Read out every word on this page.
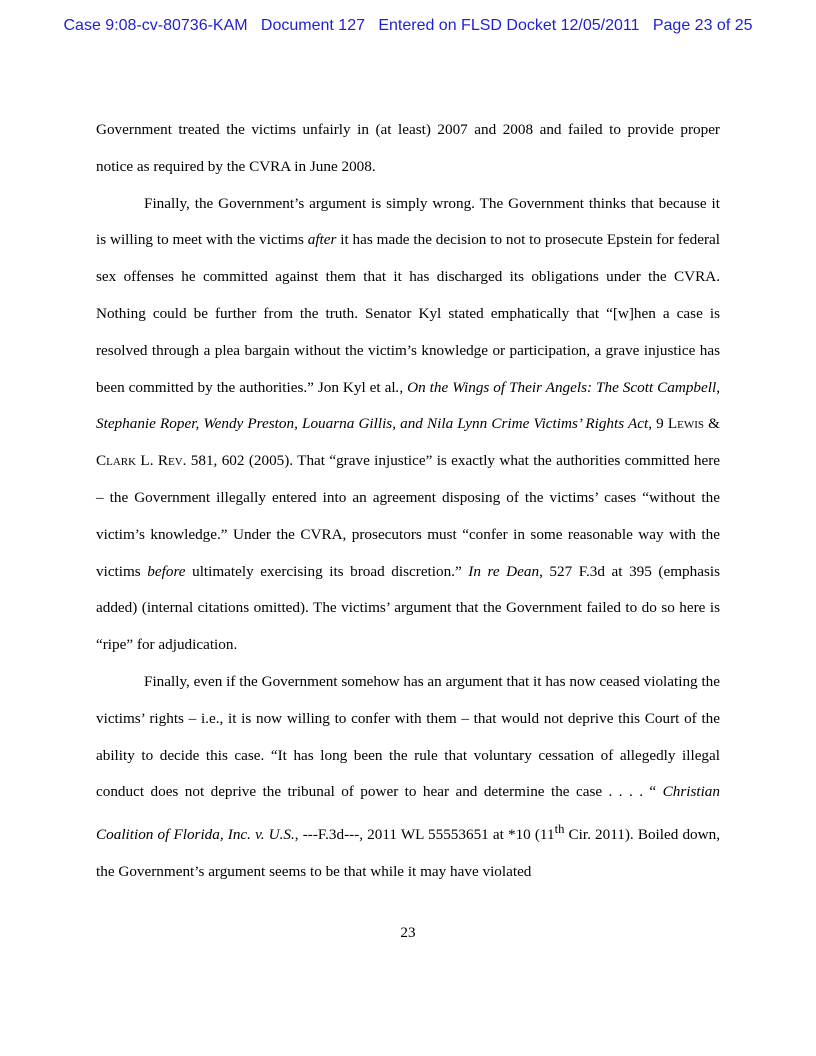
Case 9:08-cv-80736-KAM   Document 127   Entered on FLSD Docket 12/05/2011   Page 23 of 25

Government treated the victims unfairly in (at least) 2007 and 2008 and failed to provide proper notice as required by the CVRA in June 2008.

Finally, the Government’s argument is simply wrong. The Government thinks that because it is willing to meet with the victims after it has made the decision to not to prosecute Epstein for federal sex offenses he committed against them that it has discharged its obligations under the CVRA. Nothing could be further from the truth. Senator Kyl stated emphatically that “[w]hen a case is resolved through a plea bargain without the victim’s knowledge or participation, a grave injustice has been committed by the authorities.” Jon Kyl et al., On the Wings of Their Angels: The Scott Campbell, Stephanie Roper, Wendy Preston, Louarna Gillis, and Nila Lynn Crime Victims’ Rights Act, 9 Lewis & Clark L. Rev. 581, 602 (2005). That “grave injustice” is exactly what the authorities committed here – the Government illegally entered into an agreement disposing of the victims’ cases “without the victim’s knowledge.” Under the CVRA, prosecutors must “confer in some reasonable way with the victims before ultimately exercising its broad discretion.” In re Dean, 527 F.3d at 395 (emphasis added) (internal citations omitted). The victims’ argument that the Government failed to do so here is “ripe” for adjudication.

Finally, even if the Government somehow has an argument that it has now ceased violating the victims’ rights – i.e., it is now willing to confer with them – that would not deprive this Court of the ability to decide this case. “It has long been the rule that voluntary cessation of allegedly illegal conduct does not deprive the tribunal of power to hear and determine the case . . . . “ Christian Coalition of Florida, Inc. v. U.S., ---F.3d---, 2011 WL 55553651 at *10 (11th Cir. 2011). Boiled down, the Government’s argument seems to be that while it may have violated

23
